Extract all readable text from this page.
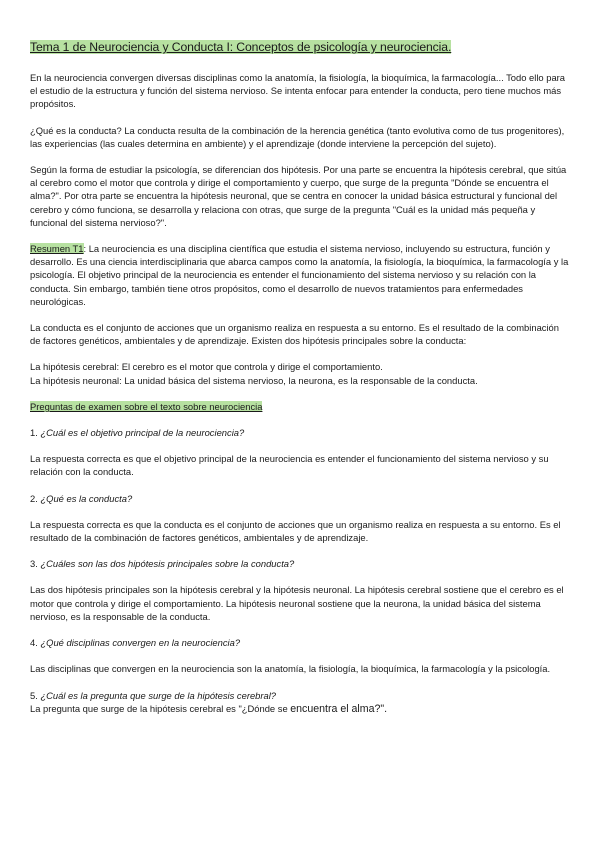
Tema 1 de Neurociencia y Conducta I: Conceptos de psicología y neurociencia.

En la neurociencia convergen diversas disciplinas como la anatomía, la fisiología, la bioquímica, la farmacología... Todo ello para el estudio de la estructura y función del sistema nervioso. Se intenta enfocar para entender la conducta, pero tiene muchos más propósitos.

¿Qué es la conducta? La conducta resulta de la combinación de la herencia genética (tanto evolutiva como de tus progenitores), las experiencias (las cuales determina en ambiente) y el aprendizaje (donde interviene la percepción del sujeto).

Según la forma de estudiar la psicología, se diferencian dos hipótesis. Por una parte se encuentra la hipótesis cerebral, que sitúa al cerebro como el motor que controla y dirige el comportamiento y cuerpo, que surge de la pregunta "Dónde se encuentra el alma?". Por otra parte se encuentra la hipótesis neuronal, que se centra en conocer la unidad básica estructural y funcional del cerebro y cómo funciona, se desarrolla y relaciona con otras, que surge de la pregunta "Cuál es la unidad más pequeña y funcional del sistema nervioso?".

Resumen T1: La neurociencia es una disciplina científica que estudia el sistema nervioso, incluyendo su estructura, función y desarrollo. Es una ciencia interdisciplinaria que abarca campos como la anatomía, la fisiología, la bioquímica, la farmacología y la psicología. El objetivo principal de la neurociencia es entender el funcionamiento del sistema nervioso y su relación con la conducta. Sin embargo, también tiene otros propósitos, como el desarrollo de nuevos tratamientos para enfermedades neurológicas.

La conducta es el conjunto de acciones que un organismo realiza en respuesta a su entorno. Es el resultado de la combinación de factores genéticos, ambientales y de aprendizaje. Existen dos hipótesis principales sobre la conducta:

La hipótesis cerebral: El cerebro es el motor que controla y dirige el comportamiento.

La hipótesis neuronal: La unidad básica del sistema nervioso, la neurona, es la responsable de la conducta.

Preguntas de examen sobre el texto sobre neurociencia

1. ¿Cuál es el objetivo principal de la neurociencia?

La respuesta correcta es que el objetivo principal de la neurociencia es entender el funcionamiento del sistema nervioso y su relación con la conducta.

2. ¿Qué es la conducta?

La respuesta correcta es que la conducta es el conjunto de acciones que un organismo realiza en respuesta a su entorno. Es el resultado de la combinación de factores genéticos, ambientales y de aprendizaje.

3. ¿Cuáles son las dos hipótesis principales sobre la conducta?

Las dos hipótesis principales son la hipótesis cerebral y la hipótesis neuronal. La hipótesis cerebral sostiene que el cerebro es el motor que controla y dirige el comportamiento. La hipótesis neuronal sostiene que la neurona, la unidad básica del sistema nervioso, es la responsable de la conducta.

4. ¿Qué disciplinas convergen en la neurociencia?

Las disciplinas que convergen en la neurociencia son la anatomía, la fisiología, la bioquímica, la farmacología y la psicología.

5. ¿Cuál es la pregunta que surge de la hipótesis cerebral?

La pregunta que surge de la hipótesis cerebral es "¿Dónde se encuentra el alma?".
